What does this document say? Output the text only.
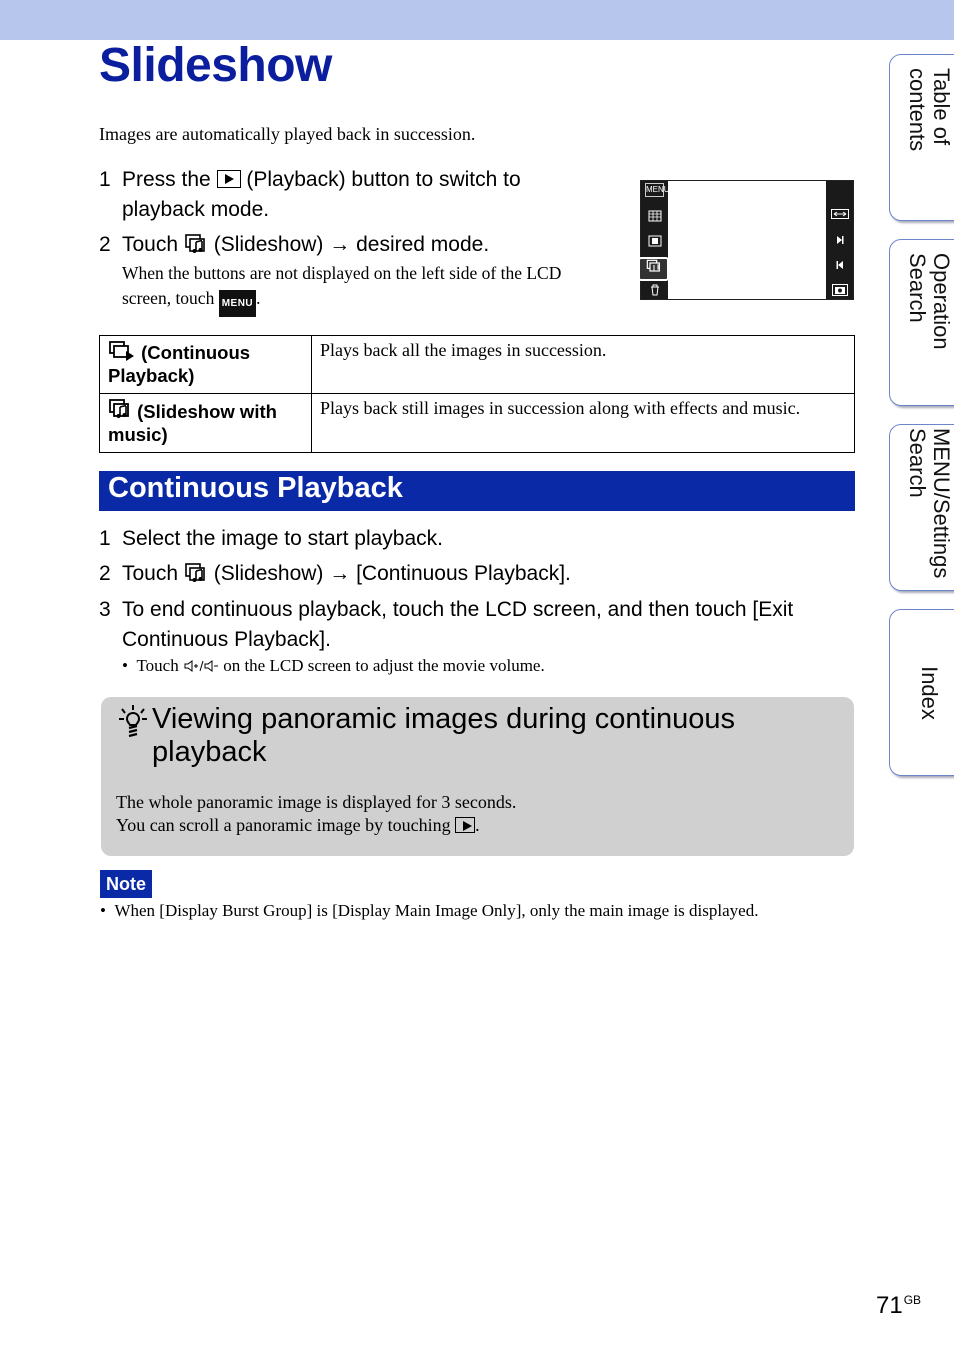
Slideshow
Images are automatically played back in succession.
1 Press the  (Playback) button to switch to
playback mode.
2 Touch  (Slideshow) → desired mode.
When the buttons are not displayed on the left side of the LCD
screen, touch MENU .
MENU
(Continuous Playback)	Plays back all the images in succession.
(Slideshow with music)	Plays back still images in succession along with effects and music.
Continuous Playback
1 Select the image to start playback.
2 Touch  (Slideshow) → [Continuous Playback].
3 To end continuous playback, touch the LCD screen, and then touch [Exit
Continuous Playback].
•  Touch  on the LCD screen to adjust the movie volume.
Viewing panoramic images during continuous playback
The whole panoramic image is displayed for 3 seconds.
You can scroll a panoramic image by touching .
Note
•  When [Display Burst Group] is [Display Main Image Only], only the main image is displayed.
Table of contents
Operation Search
MENU/Settings Search
Index
$71^{GB}$
